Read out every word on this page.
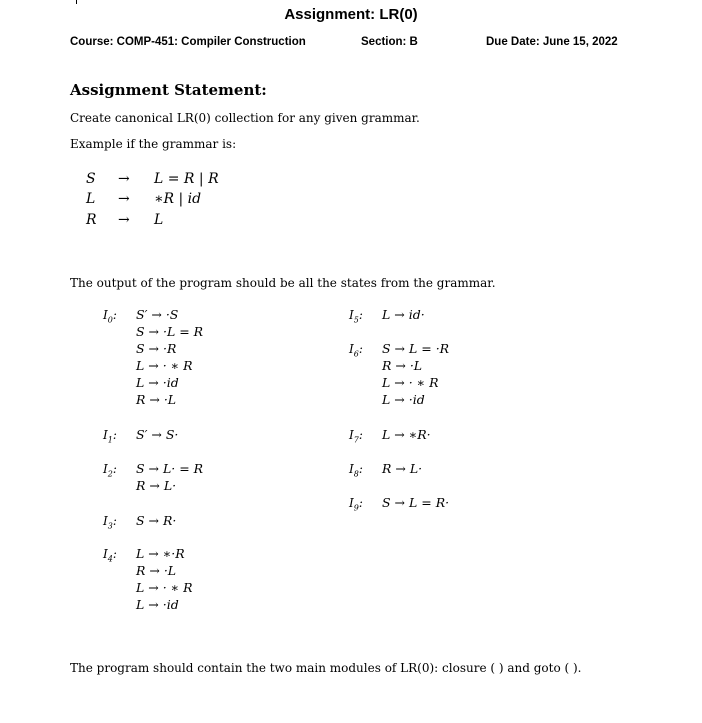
Assignment: LR(0)
Course: COMP-451: Compiler Construction	Section: B	Due Date: June 15, 2022
Assignment Statement:
Create canonical LR(0) collection for any given grammar.
Example if the grammar is:
S → L = R | R
L → ∗R | id
R → L
The output of the program should be all the states from the grammar.
$I_0$: S′ → ·S
S → ·L = R
S → ·R
L → · ∗ R
L → ·id
R → ·L
$I_1$: S′ → S·
$I_2$: S → L· = R
R → L·
$I_3$: S → R·
$I_4$: L → ∗·R
R → ·L
L → · ∗ R
L → ·id
$I_5$: L → id·
$I_6$: S → L = ·R
R → ·L
L → · ∗ R
L → ·id
$I_7$: L → ∗R·
$I_8$: R → L·
$I_9$: S → L = R·
The program should contain the two main modules of LR(0): closure ( ) and goto ( ).
